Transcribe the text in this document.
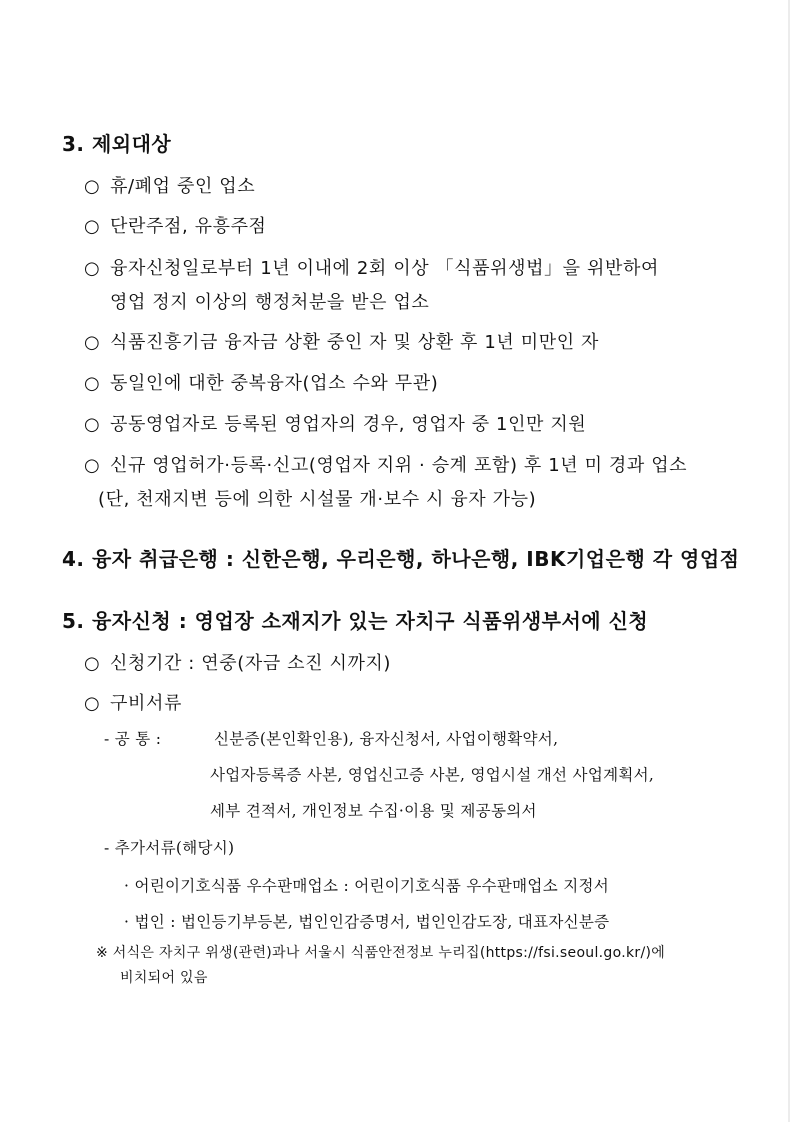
3. 제외대상
○ 휴/폐업 중인 업소
○ 단란주점, 유흥주점
○ 융자신청일로부터 1년 이내에 2회 이상 「식품위생법」을 위반하여
영업 정지 이상의 행정처분을 받은 업소
○ 식품진흥기금 융자금 상환 중인 자 및 상환 후 1년 미만인 자
○ 동일인에 대한 중복융자(업소 수와 무관)
○ 공동영업자로 등록된 영업자의 경우, 영업자 중 1인만 지원
○ 신규 영업허가·등록·신고(영업자 지위 · 승계 포함) 후 1년 미 경과 업소
(단, 천재지변 등에 의한 시설물 개·보수 시 융자 가능)
4. 융자 취급은행 : 신한은행, 우리은행, 하나은행, IBK기업은행 각 영업점
5. 융자신청 : 영업장 소재지가 있는 자치구 식품위생부서에 신청
○ 신청기간 : 연중(자금 소진 시까지)
○ 구비서류
- 공 통 :	신분증(본인확인용), 융자신청서, 사업이행확약서,
사업자등록증 사본, 영업신고증 사본, 영업시설 개선 사업계획서,
세부 견적서, 개인정보 수집·이용 및 제공동의서
- 추가서류(해당시)
· 어린이기호식품 우수판매업소 : 어린이기호식품 우수판매업소 지정서
· 법인 : 법인등기부등본, 법인인감증명서, 법인인감도장, 대표자신분증
※ 서식은 자치구 위생(관련)과나 서울시 식품안전정보 누리집(https://fsi.seoul.go.kr/)에
비치되어 있음
